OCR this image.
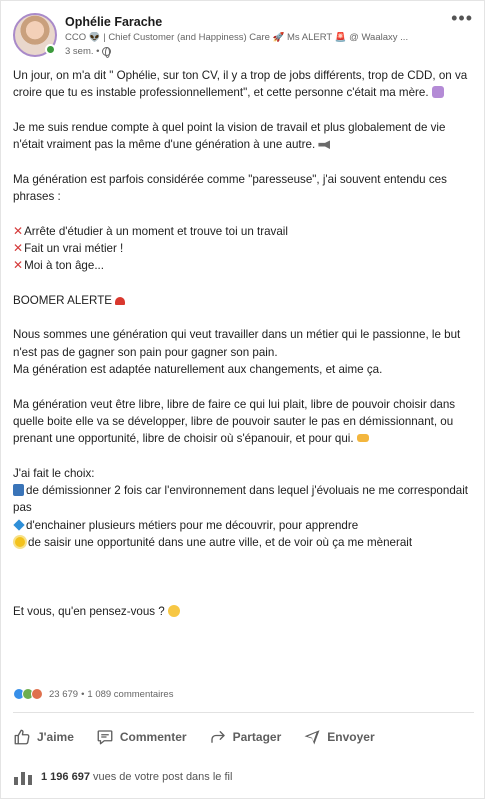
Ophélie Farache
CCO 👽 | Chief Customer (and Happiness) Care 🚀 Ms ALERT 🚨 @ Waalaxy ...
3 sem. •
•••

Un jour, on m'a dit " Ophélie, sur ton CV, il y a trop de jobs différents, trop de CDD, on va croire que tu es instable professionnellement", et cette personne c'était ma mère.

Je me suis rendue compte à quel point la vision de travail et plus globalement de vie n'était vraiment pas la même d'une génération à une autre.

Ma génération est parfois considérée comme "paresseuse", j'ai souvent entendu ces phrases :

✕Arrête d'étudier à un moment et trouve toi un travail

✕Fait un vrai métier !

✕Moi à ton âge...

BOOMER ALERTE

Nous sommes une génération qui veut travailler dans un métier qui le passionne, le but n'est pas de gagner son pain pour gagner son pain.

Ma génération est adaptée naturellement aux changements, et aime ça.

Ma génération veut être libre, libre de faire ce qui lui plait, libre de pouvoir choisir dans quelle boite elle va se développer, libre de pouvoir sauter le pas en démissionnant, ou prenant une opportunité, libre de choisir où s'épanouir, et pour qui.

J'ai fait le choix:

de démissionner 2 fois car l'environnement dans lequel j'évoluais ne me correspondait pas

d'enchainer plusieurs métiers pour me découvrir, pour apprendre

de saisir une opportunité dans une autre ville, et de voir où ça me mènerait

Et vous, qu'en pensez-vous ?

23 679 • 1 089 commentaires
J'aime	Commenter	Partager	Envoyer
1 196 697 vues de votre post dans le fil
